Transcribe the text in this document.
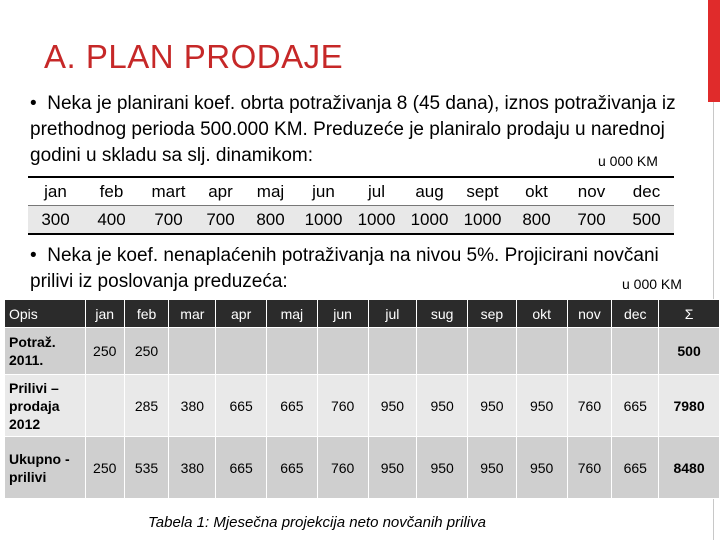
A. PLAN PRODAJE
•  Neka je planirani koef. obrta potraživanja 8 (45 dana), iznos potraživanja iz prethodnog perioda 500.000 KM. Preduzeće je planiralo prodaju u narednoj godini u skladu sa slj. dinamikom:	u 000 KM
jan	feb	mart	apr	maj	jun	jul	aug	sept	okt	nov	dec
300	400	700	700	800	1000	1000	1000	1000	800	700	500
•  Neka je koef. nenaplaćenih potraživanja na nivou 5%. Projicirani novčani prilivi iz poslovanja preduzeća:	u 000 KM
Opis	jan	feb	mar	apr	maj	jun	jul	sug	sep	okt	nov	dec	Σ
Potraž. 2011.	250	250											500
Prilivi – prodaja 2012		285	380	665	665	760	950	950	950	950	760	665	7980
Ukupno - prilivi	250	535	380	665	665	760	950	950	950	950	760	665	8480
Tabela 1: Mjesečna projekcija neto novčanih priliva
